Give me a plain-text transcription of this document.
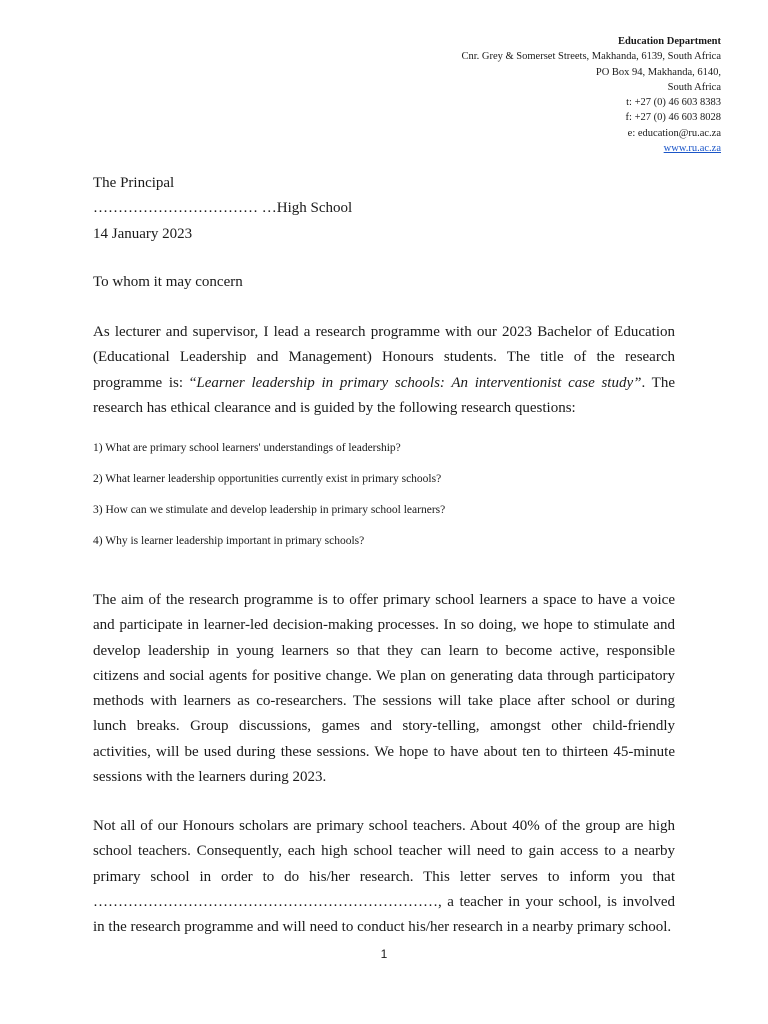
Education Department
Cnr. Grey & Somerset Streets, Makhanda, 6139, South Africa
PO Box 94, Makhanda, 6140,
South Africa
t: +27 (0) 46 603 8383
f: +27 (0) 46 603 8028
e: education@ru.ac.za
www.ru.ac.za
The Principal
…………………………… …High School
14 January 2023
To whom it may concern
As lecturer and supervisor, I lead a research programme with our 2023 Bachelor of Education (Educational Leadership and Management) Honours students. The title of the research programme is: “Learner leadership in primary schools: An interventionist case study”. The research has ethical clearance and is guided by the following research questions:
1) What are primary school learners' understandings of leadership?
2) What learner leadership opportunities currently exist in primary schools?
3) How can we stimulate and develop leadership in primary school learners?
4) Why is learner leadership important in primary schools?
The aim of the research programme is to offer primary school learners a space to have a voice and participate in learner-led decision-making processes. In so doing, we hope to stimulate and develop leadership in young learners so that they can learn to become active, responsible citizens and social agents for positive change. We plan on generating data through participatory methods with learners as co-researchers. The sessions will take place after school or during lunch breaks. Group discussions, games and story-telling, amongst other child-friendly activities, will be used during these sessions. We hope to have about ten to thirteen 45-minute sessions with the learners during 2023.
Not all of our Honours scholars are primary school teachers. About 40% of the group are high school teachers. Consequently, each high school teacher will need to gain access to a nearby primary school in order to do his/her research. This letter serves to inform you that ……………………………………………………………, a teacher in your school, is involved in the research programme and will need to conduct his/her research in a nearby primary school.
1
